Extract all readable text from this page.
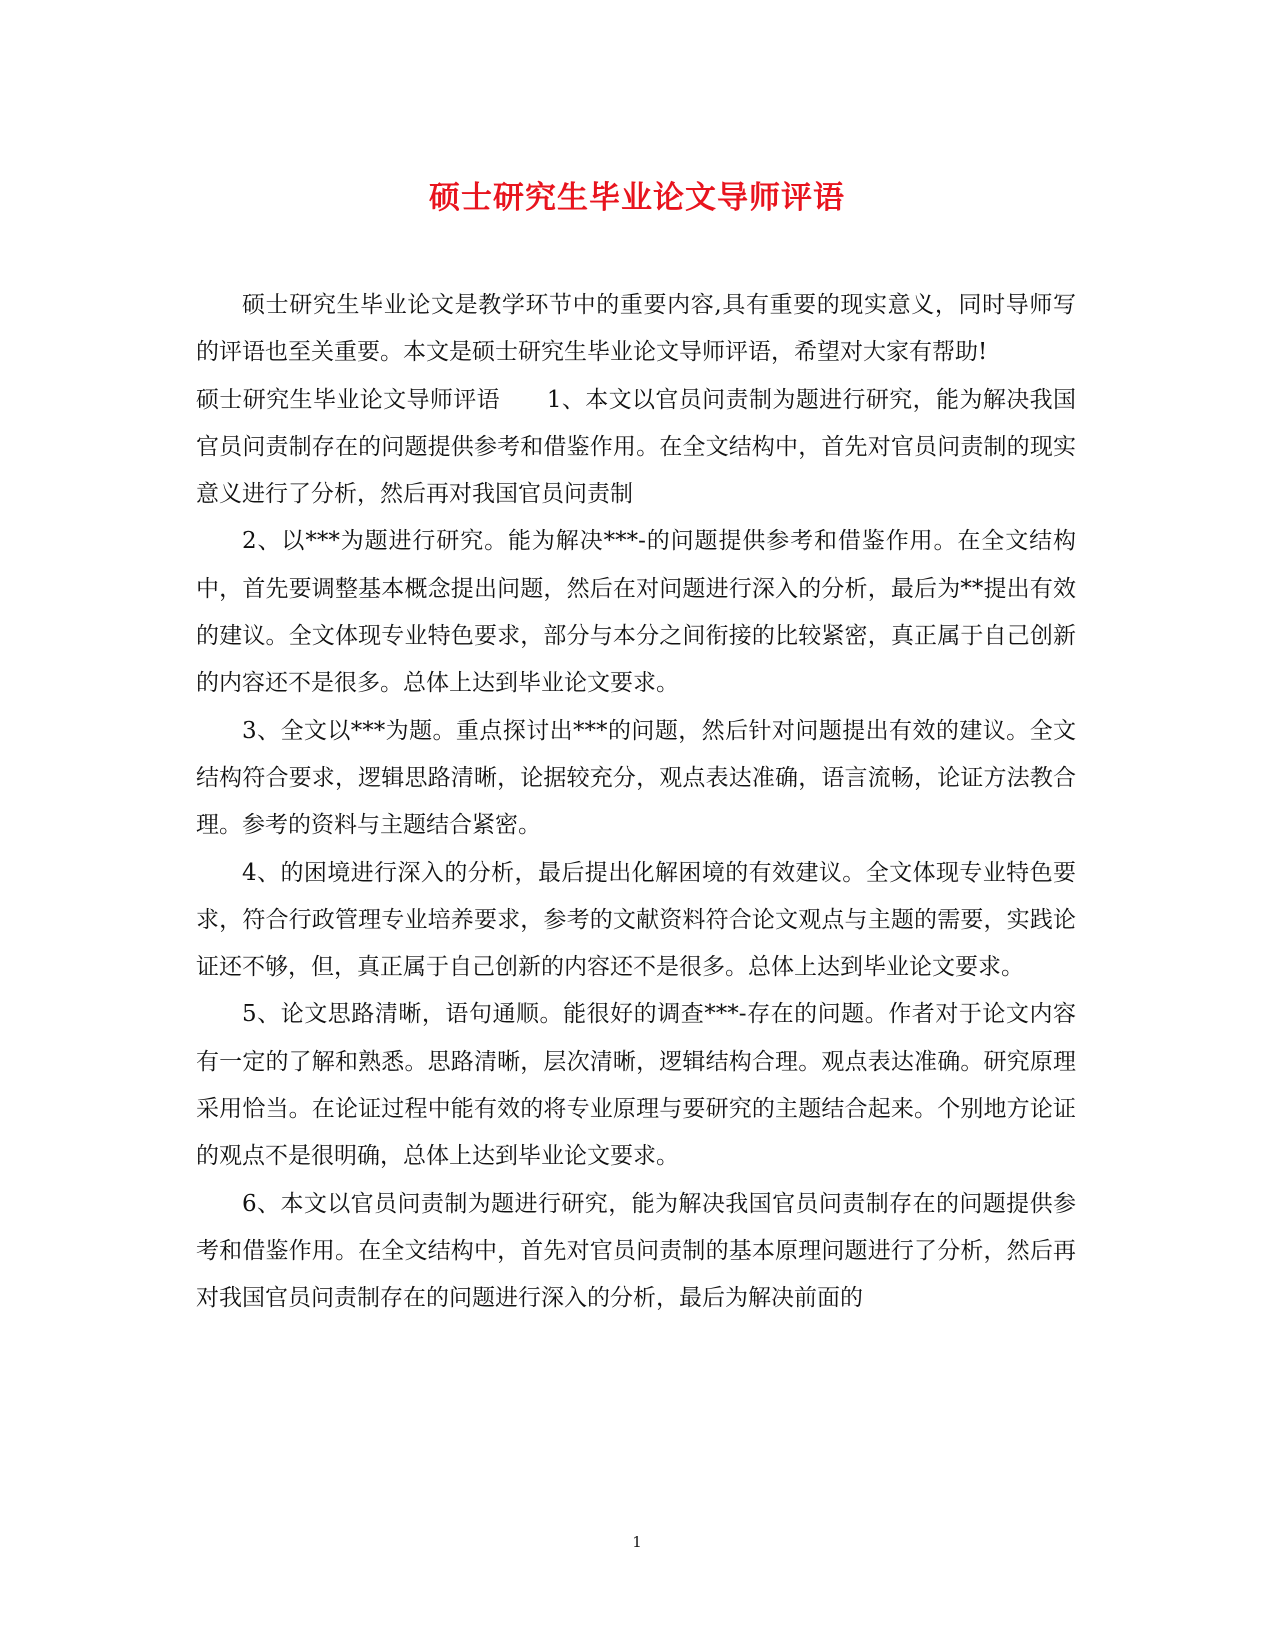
硕士研究生毕业论文导师评语

硕士研究生毕业论文是教学环节中的重要内容,具有重要的现实意义，同时导师写的评语也至关重要。本文是硕士研究生毕业论文导师评语，希望对大家有帮助!

硕士研究生毕业论文导师评语　　1、本文以官员问责制为题进行研究，能为解决我国官员问责制存在的问题提供参考和借鉴作用。在全文结构中，首先对官员问责制的现实意义进行了分析，然后再对我国官员问责制

2、以***为题进行研究。能为解决***-的问题提供参考和借鉴作用。在全文结构中，首先要调整基本概念提出问题，然后在对问题进行深入的分析，最后为**提出有效的建议。全文体现专业特色要求，部分与本分之间衔接的比较紧密，真正属于自己创新的内容还不是很多。总体上达到毕业论文要求。

3、全文以***为题。重点探讨出***的问题，然后针对问题提出有效的建议。全文结构符合要求，逻辑思路清晰，论据较充分，观点表达准确，语言流畅，论证方法教合理。参考的资料与主题结合紧密。

4、的困境进行深入的分析，最后提出化解困境的有效建议。全文体现专业特色要求，符合行政管理专业培养要求，参考的文献资料符合论文观点与主题的需要，实践论证还不够，但，真正属于自己创新的内容还不是很多。总体上达到毕业论文要求。

5、论文思路清晰，语句通顺。能很好的调查***-存在的问题。作者对于论文内容有一定的了解和熟悉。思路清晰，层次清晰，逻辑结构合理。观点表达准确。研究原理采用恰当。在论证过程中能有效的将专业原理与要研究的主题结合起来。个别地方论证的观点不是很明确，总体上达到毕业论文要求。

6、本文以官员问责制为题进行研究，能为解决我国官员问责制存在的问题提供参考和借鉴作用。在全文结构中，首先对官员问责制的基本原理问题进行了分析，然后再对我国官员问责制存在的问题进行深入的分析，最后为解决前面的

1
